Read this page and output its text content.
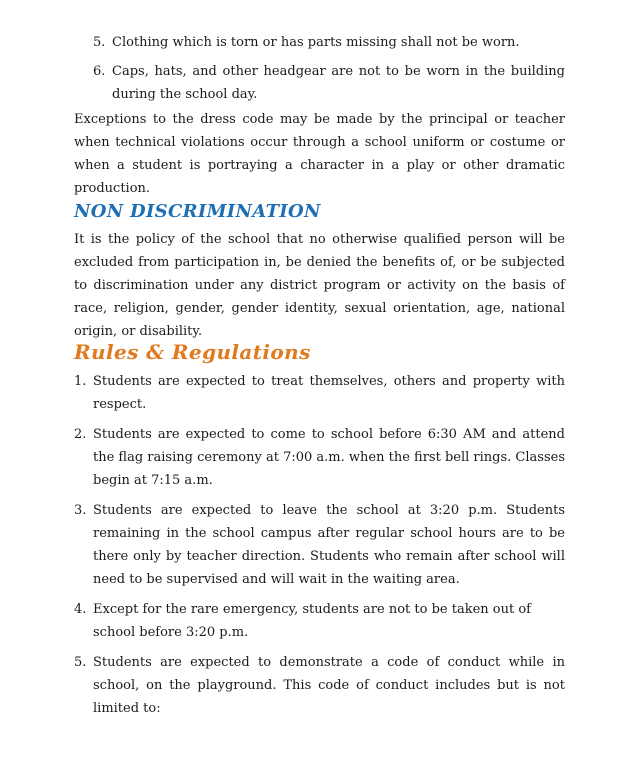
5. Clothing which is torn or has parts missing shall not be worn.
6. Caps, hats, and other headgear are not to be worn in the building during the school day.

Exceptions to the dress code may be made by the principal or teacher when technical violations occur through a school uniform or costume or when a student is portraying a character in a play or other dramatic production.

NON DISCRIMINATION

It is the policy of the school that no otherwise qualified person will be excluded from participation in, be denied the benefits of, or be subjected to discrimination under any district program or activity on the basis of race, religion, gender, gender identity, sexual orientation, age, national origin, or disability.

Rules & Regulations
1. Students are expected to treat themselves, others and property with respect.
2. Students are expected to come to school before 6:30 AM and attend the flag raising ceremony at 7:00 a.m. when the first bell rings. Classes begin at 7:15 a.m.
3. Students are expected to leave the school at 3:20 p.m. Students remaining in the school campus after regular school hours are to be there only by teacher direction. Students who remain after school will need to be supervised and will wait in the waiting area.
4. Except for the rare emergency, students are not to be taken out of school before 3:20 p.m.
5. Students are expected to demonstrate a code of conduct while in school, on the playground. This code of conduct includes but is not limited to:
